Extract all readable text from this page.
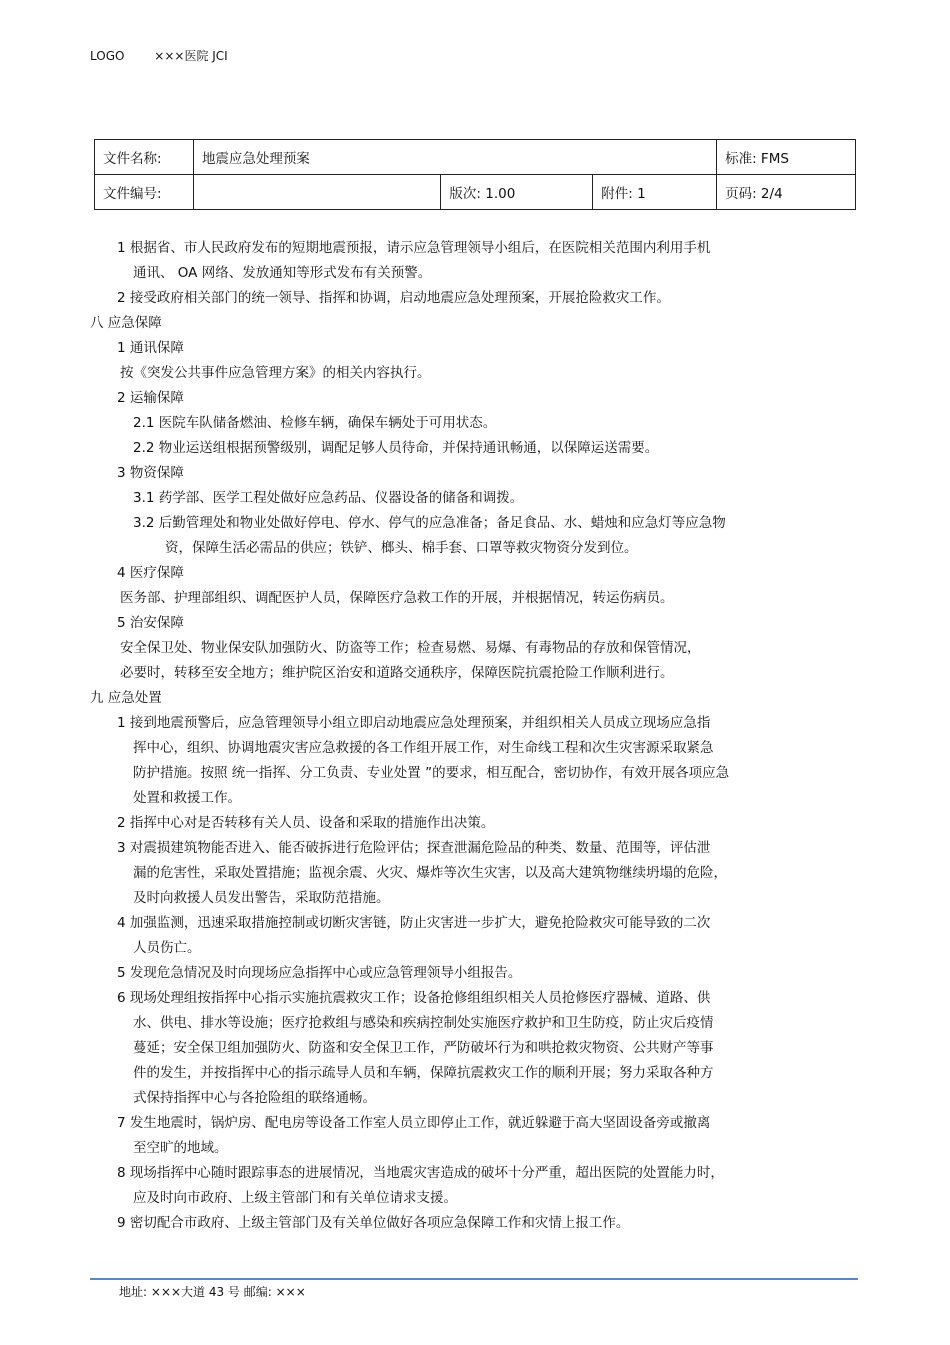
LOGO ×××医院 JCI
文件名称:	地震应急处理预案			标准: FMS
文件编号:		版次: 1.00	附件: 1	页码: 2/4
1 根据省、市人民政府发布的短期地震预报，请示应急管理领导小组后，在医院相关范围内利用手机
通讯、 OA 网络、发放通知等形式发布有关预警。
2 接受政府相关部门的统一领导、指挥和协调，启动地震应急处理预案，开展抢险救灾工作。
八 应急保障
1 通讯保障
按《突发公共事件应急管理方案》的相关内容执行。
2 运输保障
2.1 医院车队储备燃油、检修车辆，确保车辆处于可用状态。
2.2 物业运送组根据预警级别，调配足够人员待命，并保持通讯畅通，以保障运送需要。
3 物资保障
3.1 药学部、医学工程处做好应急药品、仪器设备的储备和调拨。
3.2 后勤管理处和物业处做好停电、停水、停气的应急准备；备足食品、水、蜡烛和应急灯等应急物
资，保障生活必需品的供应；铁铲、榔头、棉手套、口罩等救灾物资分发到位。
4 医疗保障
医务部、护理部组织、调配医护人员，保障医疗急救工作的开展，并根据情况，转运伤病员。
5 治安保障
安全保卫处、物业保安队加强防火、防盗等工作；检查易燃、易爆、有毒物品的存放和保管情况，
必要时，转移至安全地方；维护院区治安和道路交通秩序，保障医院抗震抢险工作顺利进行。
九 应急处置
1 接到地震预警后，应急管理领导小组立即启动地震应急处理预案，并组织相关人员成立现场应急指
挥中心，组织、协调地震灾害应急救援的各工作组开展工作，对生命线工程和次生灾害源采取紧急
防护措施。按照 统一指挥、分工负责、专业处置 ”的要求，相互配合，密切协作，有效开展各项应急
处置和救援工作。
2 指挥中心对是否转移有关人员、设备和采取的措施作出决策。
3 对震损建筑物能否进入、能否破拆进行危险评估；探查泄漏危险品的种类、数量、范围等，评估泄
漏的危害性，采取处置措施；监视余震、火灾、爆炸等次生灾害，以及高大建筑物继续坍塌的危险，
及时向救援人员发出警告，采取防范措施。
4 加强监测，迅速采取措施控制或切断灾害链，防止灾害进一步扩大，避免抢险救灾可能导致的二次
人员伤亡。
5 发现危急情况及时向现场应急指挥中心或应急管理领导小组报告。
6 现场处理组按指挥中心指示实施抗震救灾工作；设备抢修组组织相关人员抢修医疗器械、道路、供
水、供电、排水等设施；医疗抢救组与感染和疾病控制处实施医疗救护和卫生防疫，防止灾后疫情
蔓延；安全保卫组加强防火、防盗和安全保卫工作，严防破坏行为和哄抢救灾物资、公共财产等事
件的发生，并按指挥中心的指示疏导人员和车辆，保障抗震救灾工作的顺利开展；努力采取各种方
式保持指挥中心与各抢险组的联络通畅。
7 发生地震时，锅炉房、配电房等设备工作室人员立即停止工作，就近躲避于高大坚固设备旁或撤离
至空旷的地域。
8 现场指挥中心随时跟踪事态的进展情况，当地震灾害造成的破坏十分严重，超出医院的处置能力时，
应及时向市政府、上级主管部门和有关单位请求支援。
9 密切配合市政府、上级主管部门及有关单位做好各项应急保障工作和灾情上报工作。
地址: ×××大道 43 号 邮编: ×××
